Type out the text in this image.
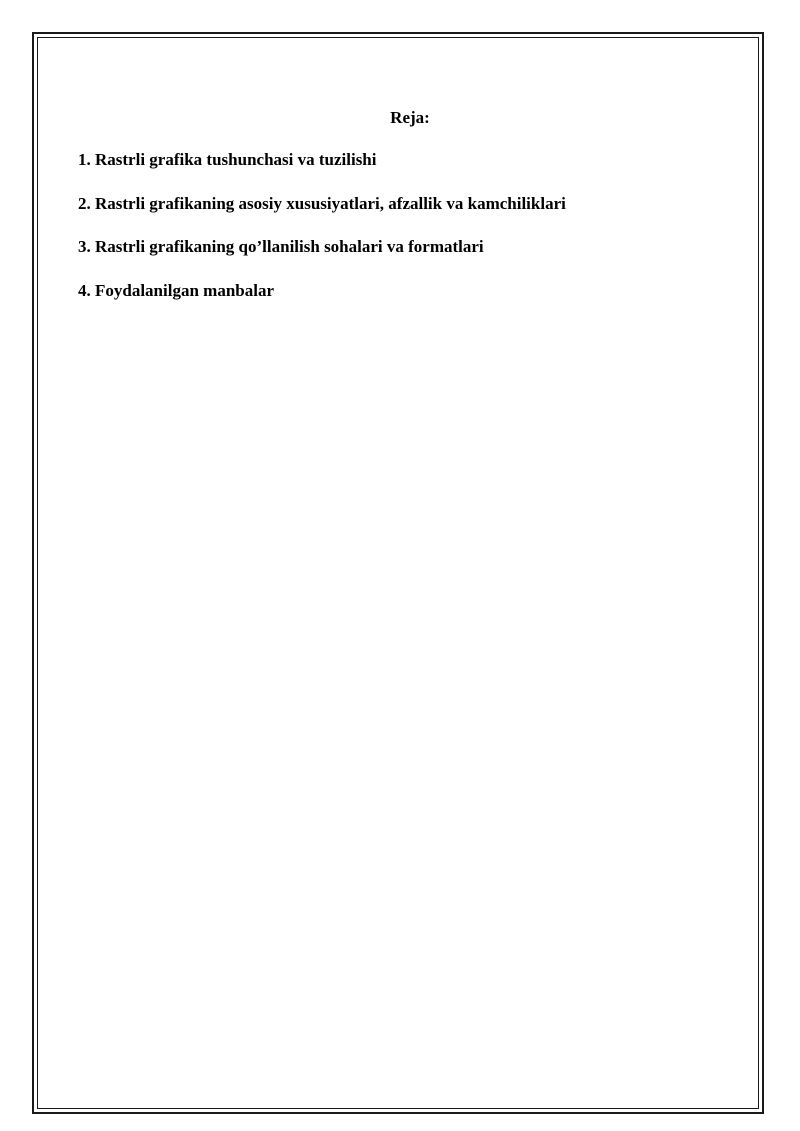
Reja:
1. Rastrli grafika tushunchasi va tuzilishi
2. Rastrli grafikaning asosiy xususiyatlari, afzallik va kamchiliklari
3. Rastrli grafikaning qo’llanilish sohalari va formatlari
4. Foydalanilgan manbalar
